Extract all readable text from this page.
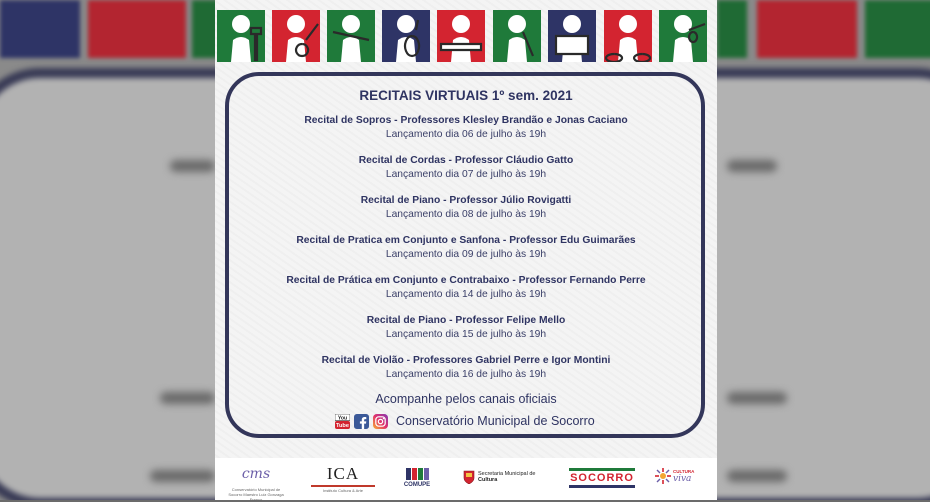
RECITAIS VIRTUAIS 1º sem. 2021
Recital de Sopros - Professores Klesley Brandão e Jonas Caciano
Lançamento dia 06 de julho às 19h
Recital de Cordas - Professor Cláudio Gatto
Lançamento dia 07 de julho às 19h
Recital de Piano - Professor Júlio Rovigatti
Lançamento dia 08 de julho às 19h
Recital de Pratica em Conjunto e Sanfona - Professor Edu Guimarães
Lançamento dia 09 de julho às 19h
Recital de Prática em Conjunto e Contrabaixo - Professor Fernando Perre
Lançamento dia 14 de julho às 19h
Recital de Piano - Professor Felipe Mello
Lançamento dia 15 de julho às 19h
Recital de Violão - Professores Gabriel Perre e Igor Montini
Lançamento dia 16 de julho às 19h
Acompanhe pelos canais oficiais
You
Tube	Conservatório Municipal de Socorro
cms
Conservatório Municipal de Socorro Maestro Luiz Gonzaga Franco
ICA
Instituto Cultura & Arte
COMUPE
Secretaria Municipal de
Cultura	SOCORRO
CULTURA
viva
